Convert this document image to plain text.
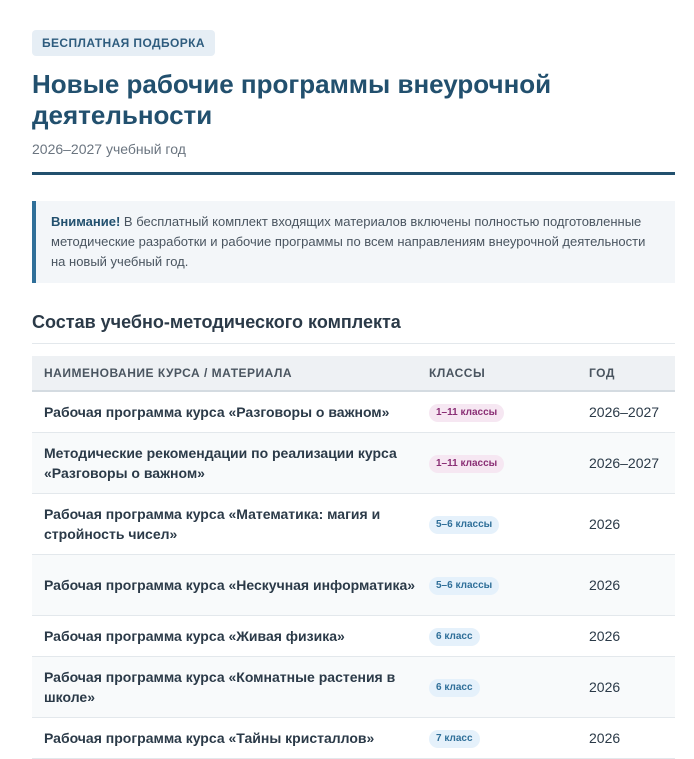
БЕСПЛАТНАЯ ПОДБОРКА
Новые рабочие программы внеурочной деятельности
2026–2027 учебный год
Внимание! В бесплатный комплект входящих материалов включены полностью подготовленные методические разработки и рабочие программы по всем направлениям внеурочной деятельности на новый учебный год.
Состав учебно-методического комплекта
НАИМЕНОВАНИЕ КУРСА / МАТЕРИАЛА	КЛАССЫ	ГОД
Рабочая программа курса «Разговоры о важном»	1–11 классы	2026–2027
Методические рекомендации по реализации курса «Разговоры о важном»	1–11 классы	2026–2027
Рабочая программа курса «Математика: магия и стройность чисел»	5–6 классы	2026
Рабочая программа курса «Нескучная информатика»	5–6 классы	2026
Рабочая программа курса «Живая физика»	6 класс	2026
Рабочая программа курса «Комнатные растения в школе»	6 класс	2026
Рабочая программа курса «Тайны кристаллов»	7 класс	2026
